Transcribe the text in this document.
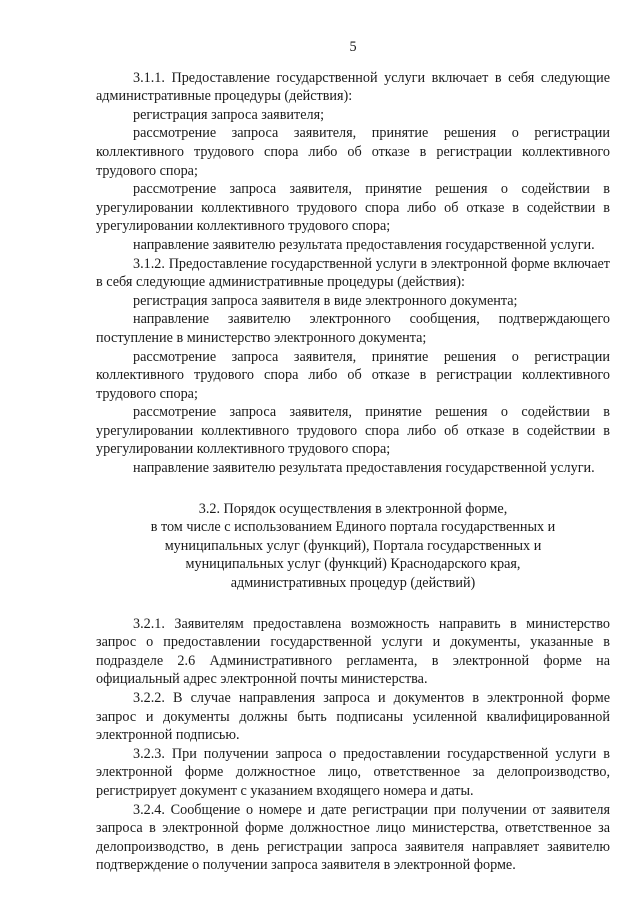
5

3.1.1. Предоставление государственной услуги включает в себя следующие административные процедуры (действия):

регистрация запроса заявителя;

рассмотрение запроса заявителя, принятие решения о регистрации коллективного трудового спора либо об отказе в регистрации коллективного трудового спора;

рассмотрение запроса заявителя, принятие решения о содействии в урегулировании коллективного трудового спора либо об отказе в содействии в урегулировании коллективного трудового спора;

направление заявителю результата предоставления государственной услуги.

3.1.2. Предоставление государственной услуги в электронной форме включает в себя следующие административные процедуры (действия):

регистрация запроса заявителя в виде электронного документа;

направление заявителю электронного сообщения, подтверждающего поступление в министерство электронного документа;

рассмотрение запроса заявителя, принятие решения о регистрации коллективного трудового спора либо об отказе в регистрации коллективного трудового спора;

рассмотрение запроса заявителя, принятие решения о содействии в урегулировании коллективного трудового спора либо об отказе в содействии в урегулировании коллективного трудового спора;

направление заявителю результата предоставления государственной услуги.

3.2. Порядок осуществления в электронной форме,
в том числе с использованием Единого портала государственных и
муниципальных услуг (функций), Портала государственных и
муниципальных услуг (функций) Краснодарского края,
административных процедур (действий)

3.2.1. Заявителям предоставлена возможность направить в министерство запрос о предоставлении государственной услуги и документы, указанные в подразделе 2.6 Административного регламента, в электронной форме на официальный адрес электронной почты министерства.

3.2.2. В случае направления запроса и документов в электронной форме запрос и документы должны быть подписаны усиленной квалифицированной электронной подписью.

3.2.3. При получении запроса о предоставлении государственной услуги в электронной форме должностное лицо, ответственное за делопроизводство, регистрирует документ с указанием входящего номера и даты.

3.2.4. Сообщение о номере и дате регистрации при получении от заявителя запроса в электронной форме должностное лицо министерства, ответственное за делопроизводство, в день регистрации запроса заявителя направляет заявителю подтверждение о получении запроса заявителя в электронной форме.
